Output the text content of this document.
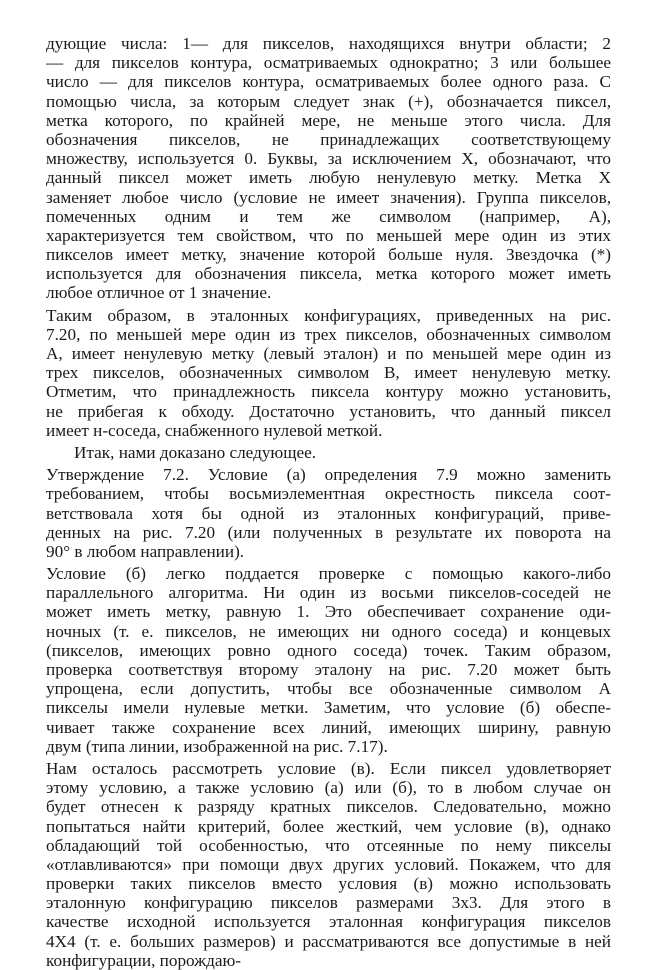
дующие числа: 1— для пикселов, находящихся внутри области; 2
— для пикселов контура, осматриваемых однократно; 3 или большее
число — для пикселов контура, осматриваемых более одного раза. С
помощью числа, за которым следует знак (+), обозначается пиксел,
метка которого, по крайней мере, не меньше этого числа. Для
обозначения пикселов, не принадлежащих соответствующему
множеству, используется 0. Буквы, за исключением X, обозначают, что
данный пиксел может иметь любую ненулевую метку. Метка X
заменяет любое число (условие не имеет значения). Группа пикселов,
помеченных одним и тем же символом (например, A),
характеризуется тем свойством, что по меньшей мере один из этих
пикселов имеет метку, значение которой больше нуля. Звездочка (*)
используется для обозначения пиксела, метка которого может иметь
любое отличное от 1 значение.
Таким образом, в эталонных конфигурациях, приведенных на рис.
7.20, по меньшей мере один из трех пикселов, обозначенных символом
A, имеет ненулевую метку (левый эталон) и по меньшей мере один из
трех пикселов, обозначенных символом B, имеет ненулевую метку.
Отметим, что принадлежность пиксела контуру можно установить,
не прибегая к обходу. Достаточно установить, что данный пиксел
имеет н-соседа, снабженного нулевой меткой.
Итак, нами доказано следующее.
Утверждение 7.2. Условие (а) определения 7.9 можно заменить
требованием, чтобы восьмиэлементная окрестность пиксела соот-
ветствовала хотя бы одной из эталонных конфигураций, приве-
денных на рис. 7.20 (или полученных в результате их поворота на
90° в любом направлении).
Условие (б) легко поддается проверке с помощью какого-либо
параллельного алгоритма. Ни один из восьми пикселов-соседей не
может иметь метку, равную 1. Это обеспечивает сохранение оди-
ночных (т. е. пикселов, не имеющих ни одного соседа) и концевых
(пикселов, имеющих ровно одного соседа) точек. Таким образом,
проверка соответствуя второму эталону на рис. 7.20 может быть
упрощена, если допустить, чтобы все обозначенные символом A
пикселы имели нулевые метки. Заметим, что условие (б) обеспе-
чивает также сохранение всех линий, имеющих ширину, равную
двум (типа линии, изображенной на рис. 7.17).
Нам осталось рассмотреть условие (в). Если пиксел удовлетворяет
этому условию, а также условию (а) или (б), то в любом случае он
будет отнесен к разряду кратных пикселов. Следовательно, можно
попытаться найти критерий, более жесткий, чем условие (в), однако
обладающий той особенностью, что отсеянные по нему пикселы
«отлавливаются» при помощи двух других условий. Покажем, что для
проверки таких пикселов вместо условия (в) можно использовать
эталонную конфигурацию пикселов размерами 3x3. Для этого в
качестве исходной используется эталонная конфигурация пикселов
4X4 (т. е. больших размеров) и рассматриваются все допустимые в ней
конфигурации, порождаю-
